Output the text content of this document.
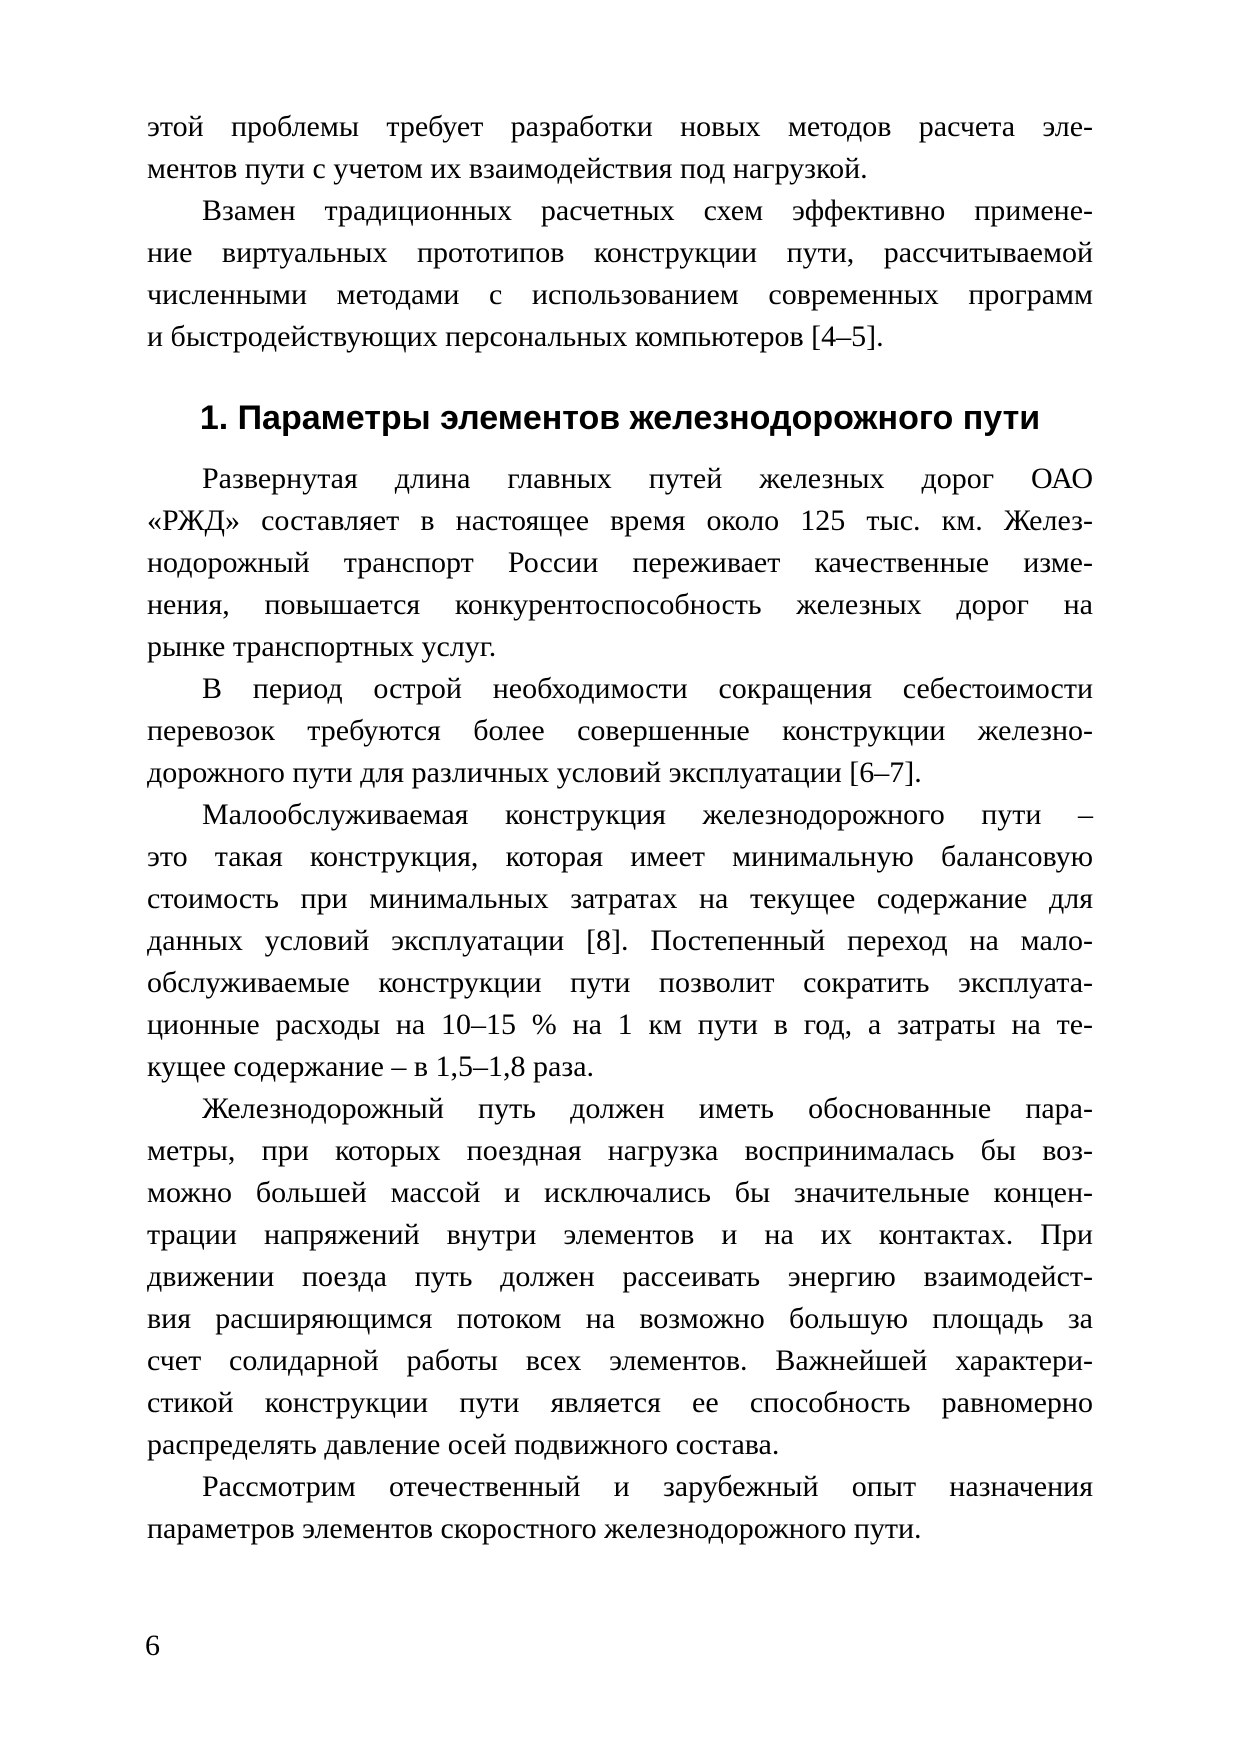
этой проблемы требует разработки новых методов расчета эле-
ментов пути с учетом их взаимодействия под нагрузкой.
Взамен традиционных расчетных схем эффективно примене-
ние виртуальных прототипов конструкции пути, рассчитываемой
численными методами с использованием современных программ
и быстродействующих персональных компьютеров [4–5].
1. Параметры элементов железнодорожного пути
Развернутая длина главных путей железных дорог ОАО
«РЖД» составляет в настоящее время около 125 тыс. км. Желез-
нодорожный транспорт России переживает качественные изме-
нения, повышается конкурентоспособность железных дорог на
рынке транспортных услуг.
В период острой необходимости сокращения себестоимости
перевозок требуются более совершенные конструкции железно-
дорожного пути для различных условий эксплуатации [6–7].
Малообслуживаемая конструкция железнодорожного пути –
это такая конструкция, которая имеет минимальную балансовую
стоимость при минимальных затратах на текущее содержание для
данных условий эксплуатации [8]. Постепенный переход на мало-
обслуживаемые конструкции пути позволит сократить эксплуата-
ционные расходы на 10–15 % на 1 км пути в год, а затраты на те-
кущее содержание – в 1,5–1,8 раза.
Железнодорожный путь должен иметь обоснованные пара-
метры, при которых поездная нагрузка воспринималась бы воз-
можно большей массой и исключались бы значительные концен-
трации напряжений внутри элементов и на их контактах. При
движении поезда путь должен рассеивать энергию взаимодейст-
вия расширяющимся потоком на возможно большую площадь за
счет солидарной работы всех элементов. Важнейшей характери-
стикой конструкции пути является ее способность равномерно
распределять давление осей подвижного состава.
Рассмотрим отечественный и зарубежный опыт назначения
параметров элементов скоростного железнодорожного пути.
6
